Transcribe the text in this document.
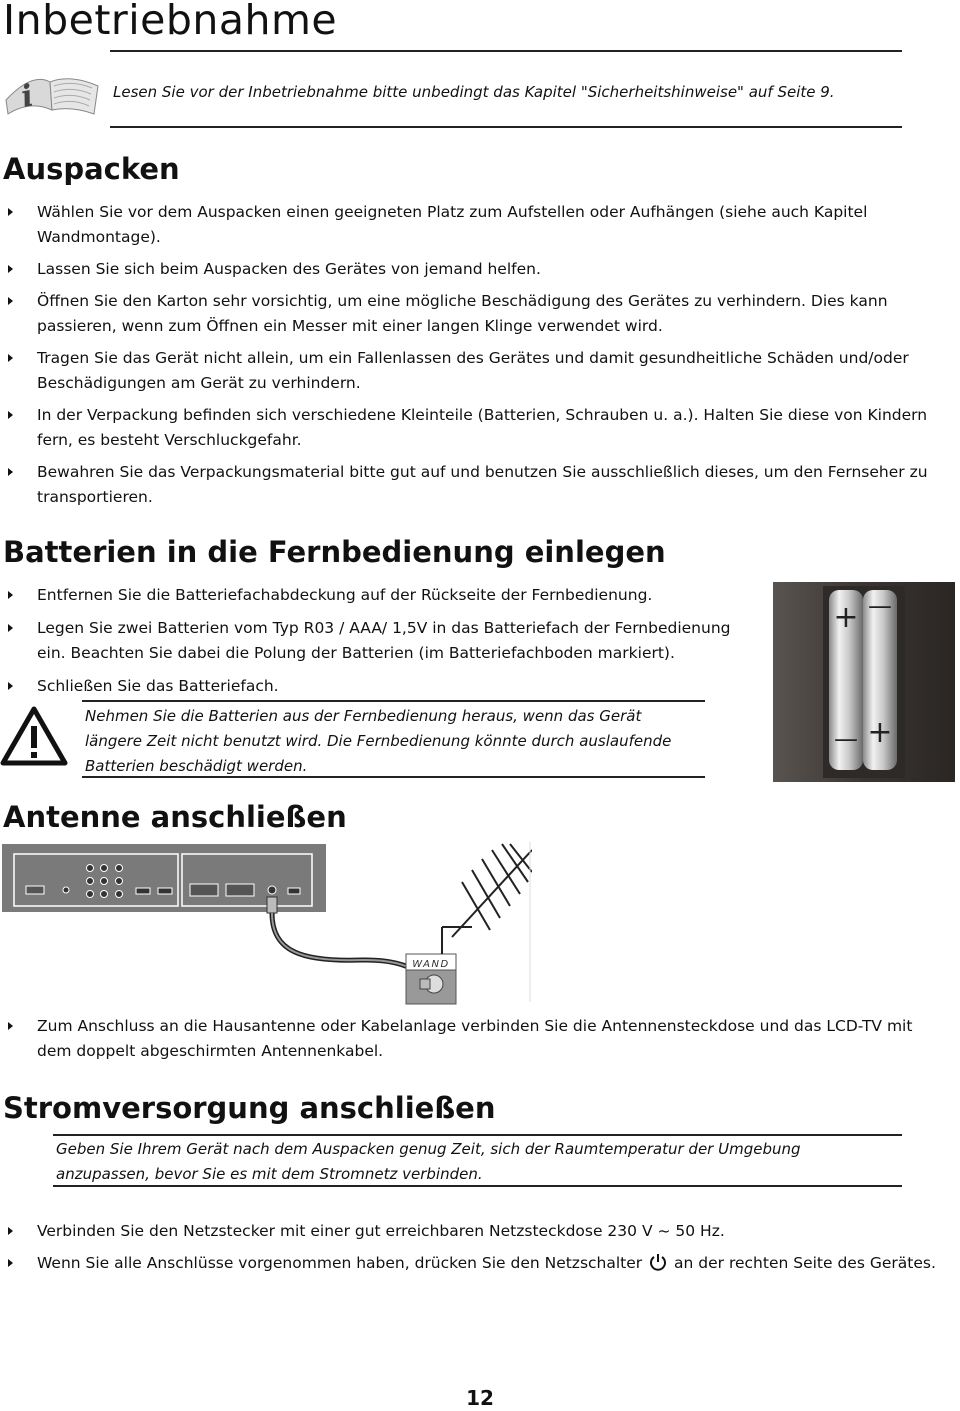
Inbetriebnahme
i	Lesen Sie vor der Inbetriebnahme bitte unbedingt das Kapitel "Sicherheitshinweise" auf Seite 9.
Auspacken
Wählen Sie vor dem Auspacken einen geeigneten Platz zum Aufstellen oder Aufhängen (siehe auch Kapitel Wandmontage).
Lassen Sie sich beim Auspacken des Gerätes von jemand helfen.
Öffnen Sie den Karton sehr vorsichtig, um eine mögliche Beschädigung des Gerätes zu verhindern. Dies kann passieren, wenn zum Öffnen ein Messer mit einer langen Klinge verwendet wird.
Tragen Sie das Gerät nicht allein, um ein Fallenlassen des Gerätes und damit gesundheitliche Schäden und/oder Beschädigungen am Gerät zu verhindern.
In der Verpackung befinden sich verschiedene Kleinteile (Batterien, Schrauben u. a.). Halten Sie diese von Kindern fern, es besteht Verschluckgefahr.
Bewahren Sie das Verpackungsmaterial bitte gut auf und benutzen Sie ausschließlich dieses, um den Fernseher zu transportieren.
Batterien in die Fernbedienung einlegen
Entfernen Sie die Batteriefachabdeckung auf der Rückseite der Fernbedienung.
Legen Sie zwei Batterien vom Typ R03 / AAA/ 1,5V in das Batteriefach der Fernbedienung ein. Beachten Sie dabei die Polung der Batterien (im Batteriefachboden markiert).
Schließen Sie das Batteriefach.
+ —
— +
Nehmen Sie die Batterien aus der Fernbedienung heraus, wenn das Gerät längere Zeit nicht benutzt wird. Die Fernbedienung könnte durch auslaufende Batterien beschädigt werden.
Antenne anschließen
WAND
Zum Anschluss an die Hausantenne oder Kabelanlage verbinden Sie die Antennensteckdose und das LCD-TV mit dem doppelt abgeschirmten Antennenkabel.
Stromversorgung anschließen
Geben Sie Ihrem Gerät nach dem Auspacken genug Zeit, sich der Raumtemperatur der Umgebung anzupassen, bevor Sie es mit dem Stromnetz verbinden.
Verbinden Sie den Netzstecker mit einer gut erreichbaren Netzsteckdose 230 V ~ 50 Hz.
Wenn Sie alle Anschlüsse vorgenommen haben, drücken Sie den Netzschalter an der rechten Seite des Gerätes.
12
